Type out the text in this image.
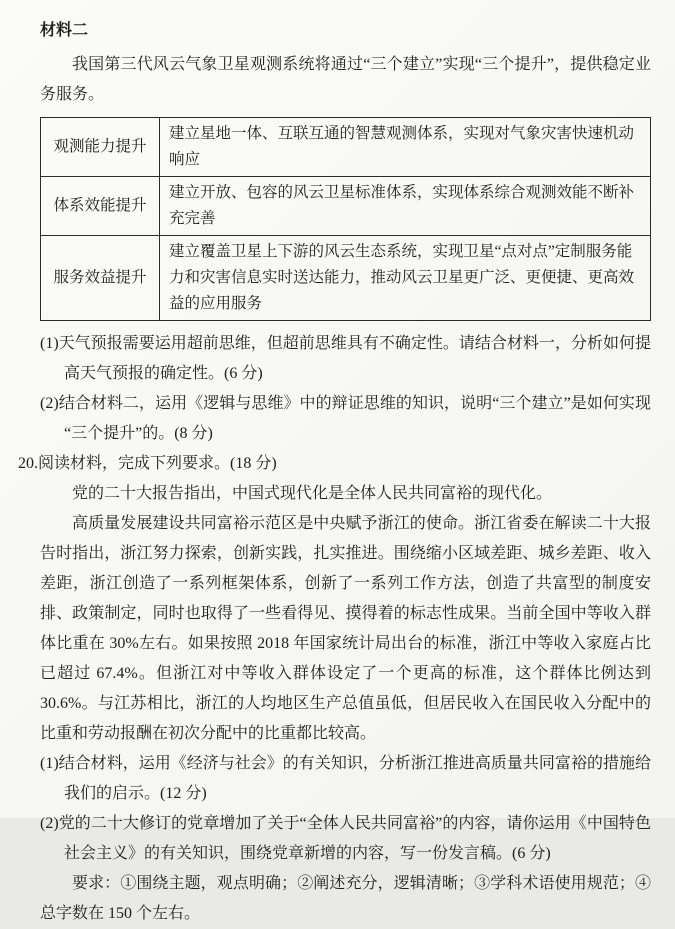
材料二

我国第三代风云气象卫星观测系统将通过“三个建立”实现“三个提升”，提供稳定业务服务。

观测能力提升	建立星地一体、互联互通的智慧观测体系，实现对气象灾害快速机动响应
体系效能提升	建立开放、包容的风云卫星标准体系，实现体系综合观测效能不断补充完善
服务效益提升	建立覆盖卫星上下游的风云生态系统，实现卫星“点对点”定制服务能力和灾害信息实时送达能力，推动风云卫星更广泛、更便捷、更高效益的应用服务

(1)天气预报需要运用超前思维，但超前思维具有不确定性。请结合材料一，分析如何提高天气预报的确定性。(6 分)

(2)结合材料二，运用《逻辑与思维》中的辩证思维的知识，说明“三个建立”是如何实现“三个提升”的。(8 分)

20.阅读材料，完成下列要求。(18 分)

党的二十大报告指出，中国式现代化是全体人民共同富裕的现代化。

高质量发展建设共同富裕示范区是中央赋予浙江的使命。浙江省委在解读二十大报告时指出，浙江努力探索，创新实践，扎实推进。围绕缩小区域差距、城乡差距、收入差距，浙江创造了一系列框架体系，创新了一系列工作方法，创造了共富型的制度安排、政策制定，同时也取得了一些看得见、摸得着的标志性成果。当前全国中等收入群体比重在 30%左右。如果按照 2018 年国家统计局出台的标准，浙江中等收入家庭占比已超过 67.4%。但浙江对中等收入群体设定了一个更高的标准，这个群体比例达到 30.6%。与江苏相比，浙江的人均地区生产总值虽低，但居民收入在国民收入分配中的比重和劳动报酬在初次分配中的比重都比较高。

(1)结合材料，运用《经济与社会》的有关知识，分析浙江推进高质量共同富裕的措施给我们的启示。(12 分)

(2)党的二十大修订的党章增加了关于“全体人民共同富裕”的内容，请你运用《中国特色社会主义》的有关知识，围绕党章新增的内容，写一份发言稿。(6 分)

要求：①围绕主题，观点明确；②阐述充分，逻辑清晰；③学科术语使用规范；④总字数在 150 个左右。
